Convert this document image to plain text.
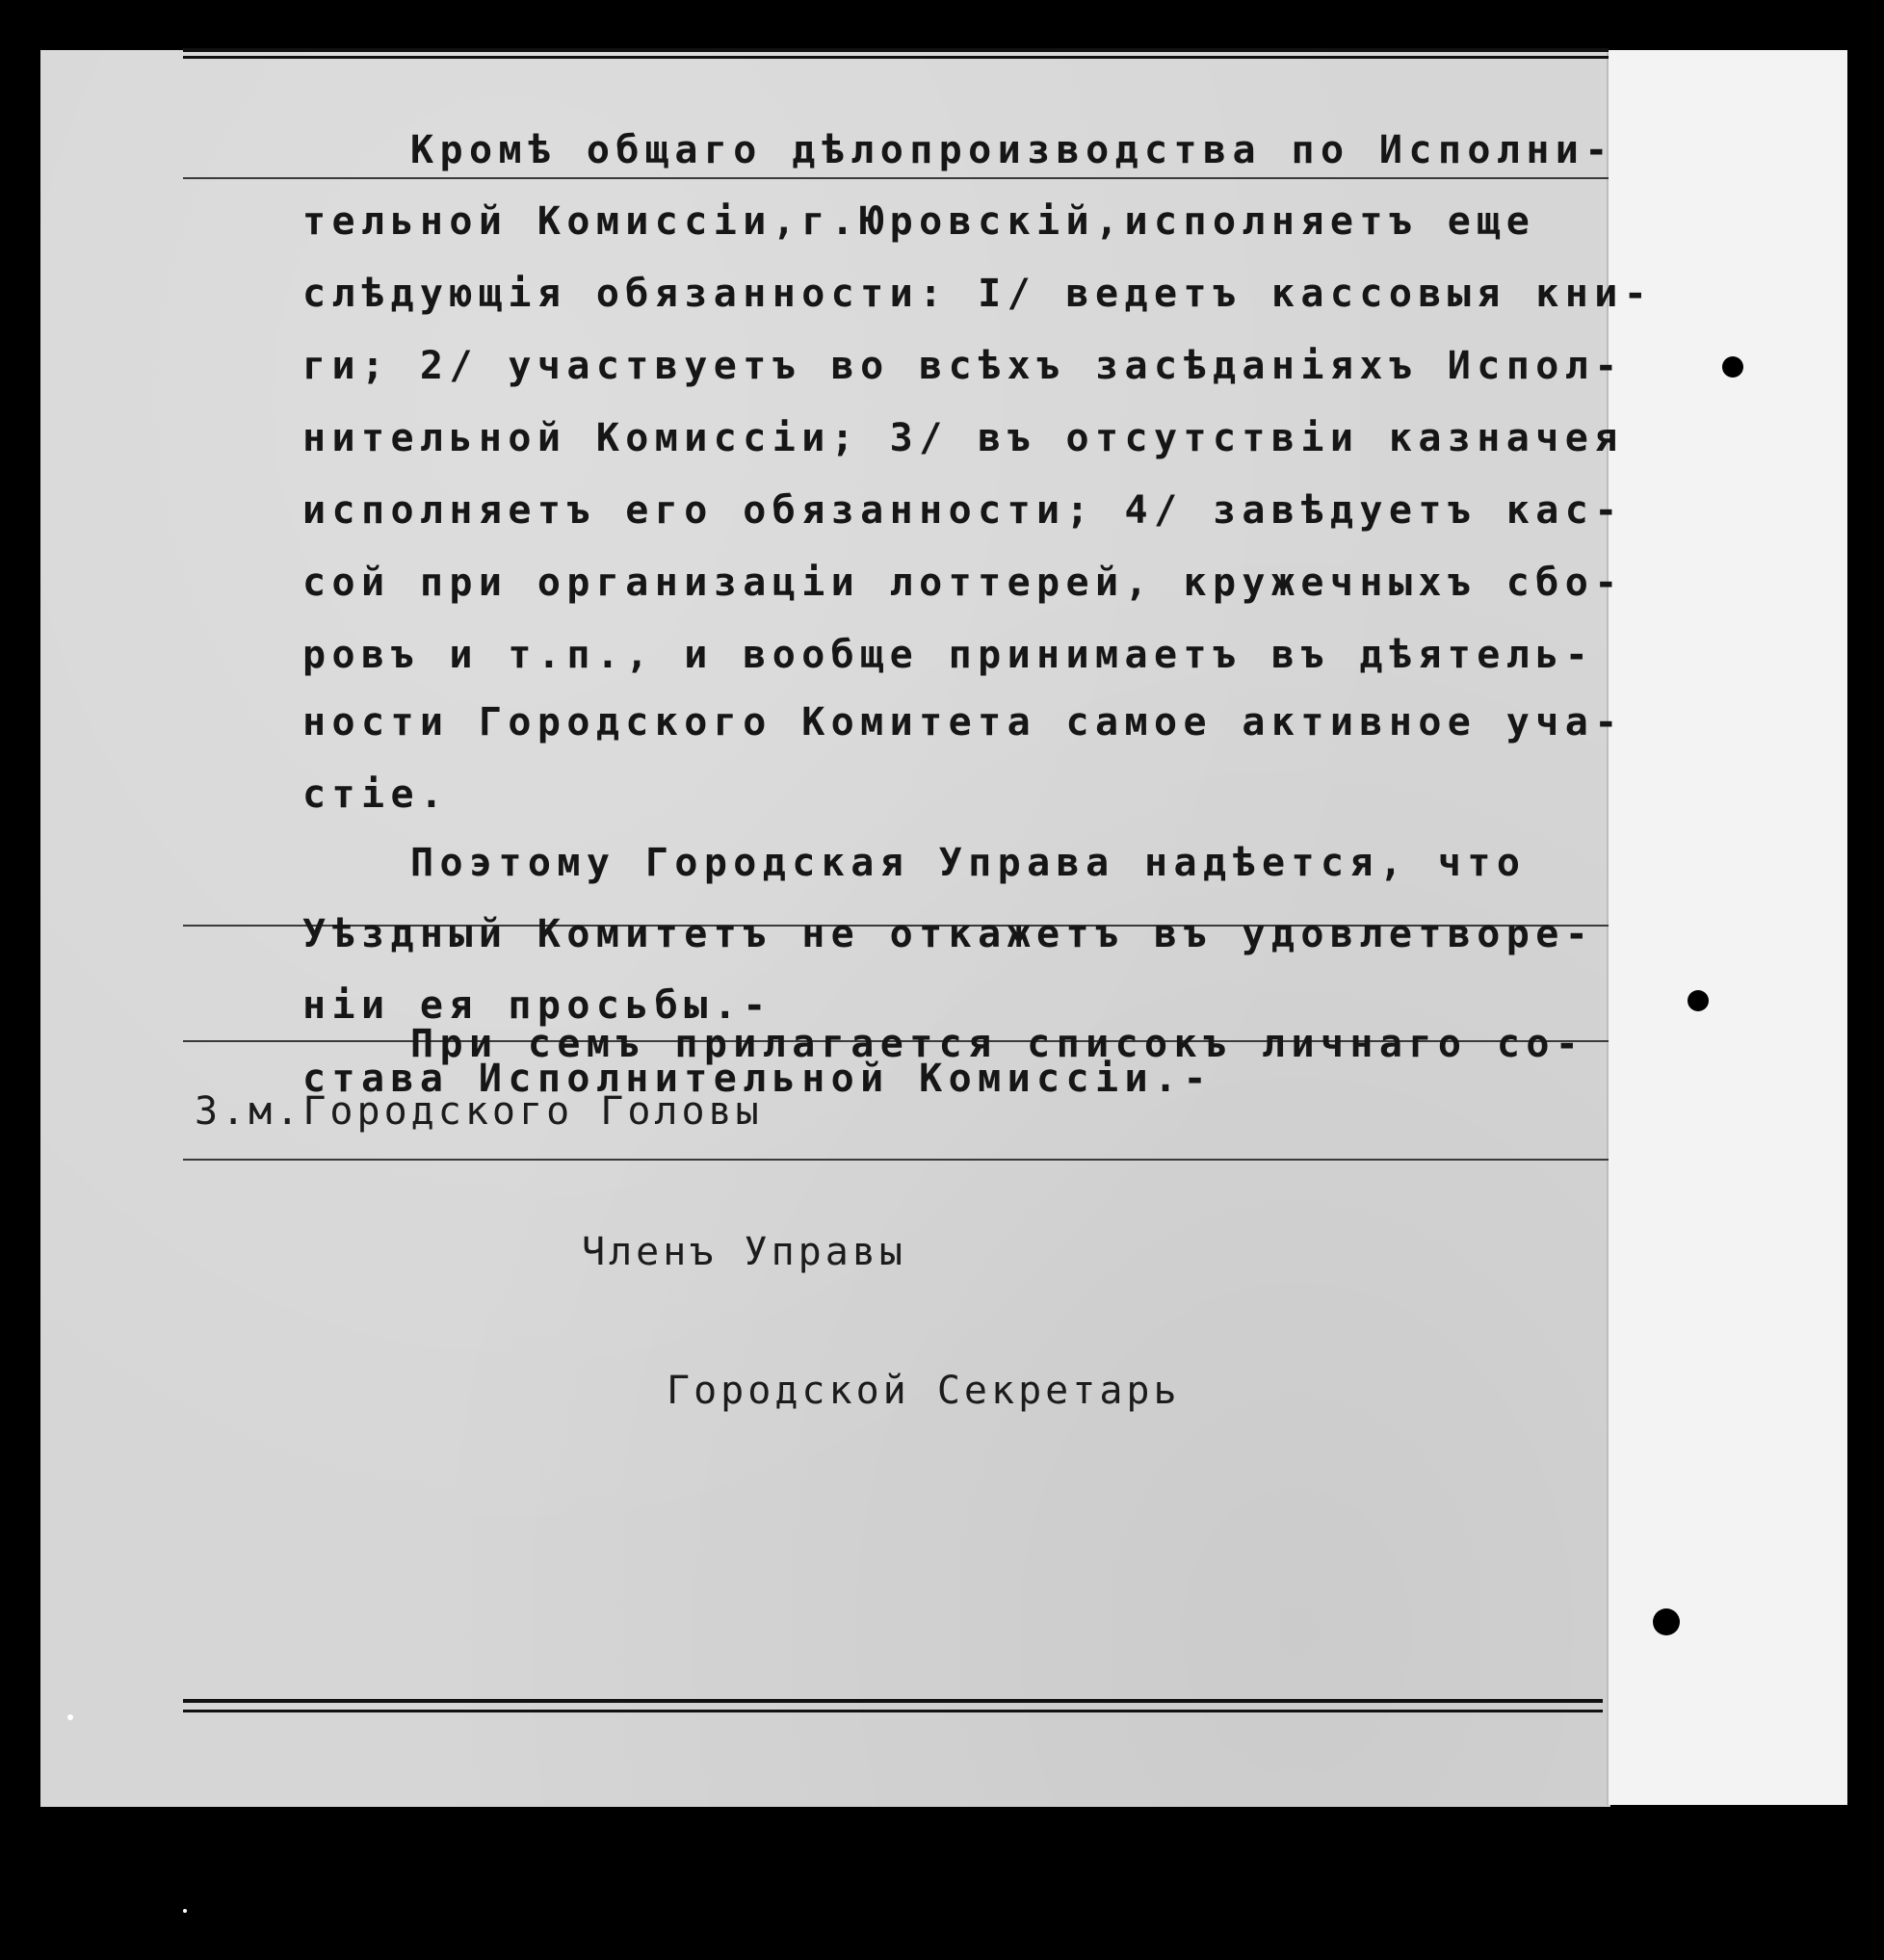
Кромѣ общаго дѣлопроизводства по Исполни-
тельной Комиссіи,г.Юровскій,исполняетъ еще
слѣдующія обязанности: I/ ведетъ кассовыя кни-
ги; 2/ участвуетъ во всѣхъ засѣданіяхъ Испол-
нительной Комиссіи; 3/ въ отсутствіи казначея
исполняетъ его обязанности; 4/ завѣдуетъ кас-
сой при организаціи лоттерей, кружечныхъ сбо-
ровъ и т.п., и вообще принимаетъ въ дѣятель-
ности Городского Комитета самое активное уча-
стіе.
Поэтому Городская Управа надѣется, что
Уѣздный Комитетъ не откажетъ въ удовлетворе-
ніи ея просьбы.-
При семъ прилагается списокъ личнаго со-
става Исполнительной Комиссіи.-
З.м.Городского Головы
Членъ Управы
Городской Секретарь
